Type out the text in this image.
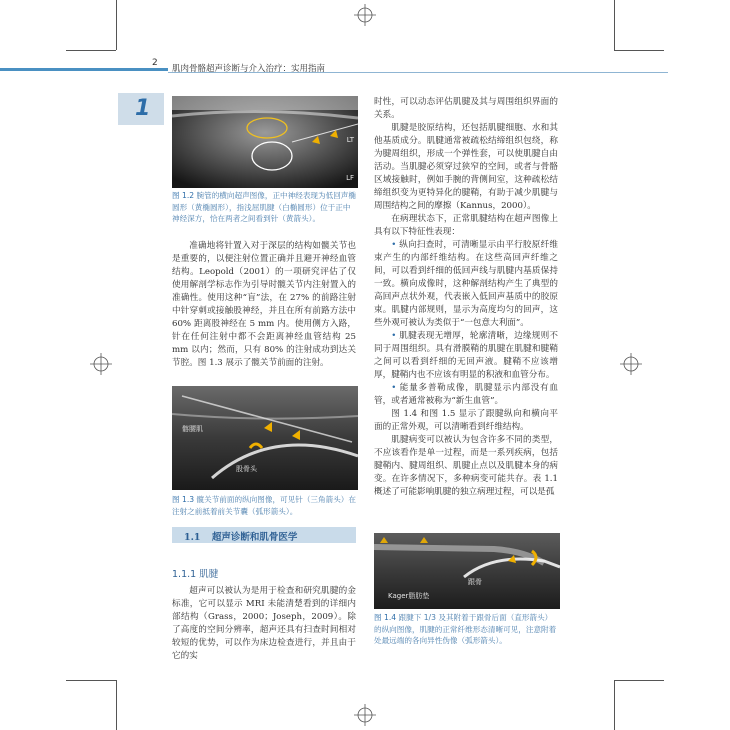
2
肌肉骨骼超声诊断与介入治疗：实用指南
1
LT
LF
图 1.2 腕管的横向超声图像，正中神经表现为低回声椭圆形（黄椭圆形），指浅屈肌腱（白椭圆形）位于正中神经深方，恰在两者之间看到针（黄箭头）。

准确地将针置入对于深层的结构如髋关节也是重要的，以便注射位置正确并且避开神经血管结构。Leopold（2001）的一项研究评估了仅使用解剖学标志作为引导时髋关节内注射置入的准确性。使用这种“盲”法，在 27% 的前路注射中针穿刺或接触股神经，并且在所有前路方法中 60% 距离股神经在 5 mm 内。使用侧方入路，针在任何注射中都不会距离神经血管结构 25 mm 以内；然而，只有 80% 的注射成功到达关节腔。图 1.3 展示了髋关节前面的注射。

髂腰肌
股骨头
图 1.3 髋关节前面的纵向图像，可见针（三角箭头）在注射之前抵着前关节囊（弧形箭头）。
1.1 超声诊断和肌骨医学
1.1.1 肌腱

超声可以被认为是用于检查和研究肌腱的金标准，它可以显示 MRI 未能清楚看到的详细内部结构（Grass，2000；Joseph，2009）。除了高度的空间分辨率，超声还具有扫查时间相对较短的优势，可以作为床边检查进行，并且由于它的实

时性，可以动态评估肌腱及其与周围组织界面的关系。

肌腱是胶原结构，还包括肌腱细胞、水和其他基质成分。肌腱通常被疏松结缔组织包绕，称为腱周组织，形成一个弹性套，可以使肌腱自由活动。当肌腱必须穿过狭窄的空间，或者与骨骼区域接触时，例如手腕的背侧间室，这种疏松结缔组织变为更特异化的腱鞘，有助于减少肌腱与周围结构之间的摩擦（Kannus，2000）。

在病理状态下，正常肌腱结构在超声图像上具有以下特征性表现：

• 纵向扫查时，可清晰显示由平行胶原纤维束产生的内部纤维结构。在这些高回声纤维之间，可以看到纤细的低回声线与肌腱内基质保持一致。横向成像时，这种解剖结构产生了典型的高回声点状外观，代表嵌入低回声基质中的胶原束。肌腱内部规则，显示为高度均匀的回声，这些外观可被认为类似于“一包意大利面”。

• 肌腱表现无增厚，轮廓清晰，边缘规则不同于周围组织。具有滑膜鞘的肌腱在肌腱和腱鞘之间可以看到纤细的无回声液。腱鞘不应该增厚，腱鞘内也不应该有明显的积液和血管分布。

• 能量多普勒成像，肌腱显示内部没有血管，或者通常被称为“新生血管”。

图 1.4 和图 1.5 显示了跟腱纵向和横向平面的正常外观，可以清晰看到纤维结构。

肌腱病变可以被认为包含许多不同的类型，不应该看作是单一过程，而是一系列疾病，包括腱鞘内、腱周组织、肌腱止点以及肌腱本身的病变。在许多情况下，多种病变可能共存。表 1.1 概述了可能影响肌腱的独立病理过程，可以是孤

跟骨
Kager脂肪垫
图 1.4 跟腱下 1/3 及其附着于跟骨后面（直形箭头）的纵向图像，肌腱的正常纤维形态清晰可见，注意附着处最远端的各向异性伪像（弧形箭头）。
